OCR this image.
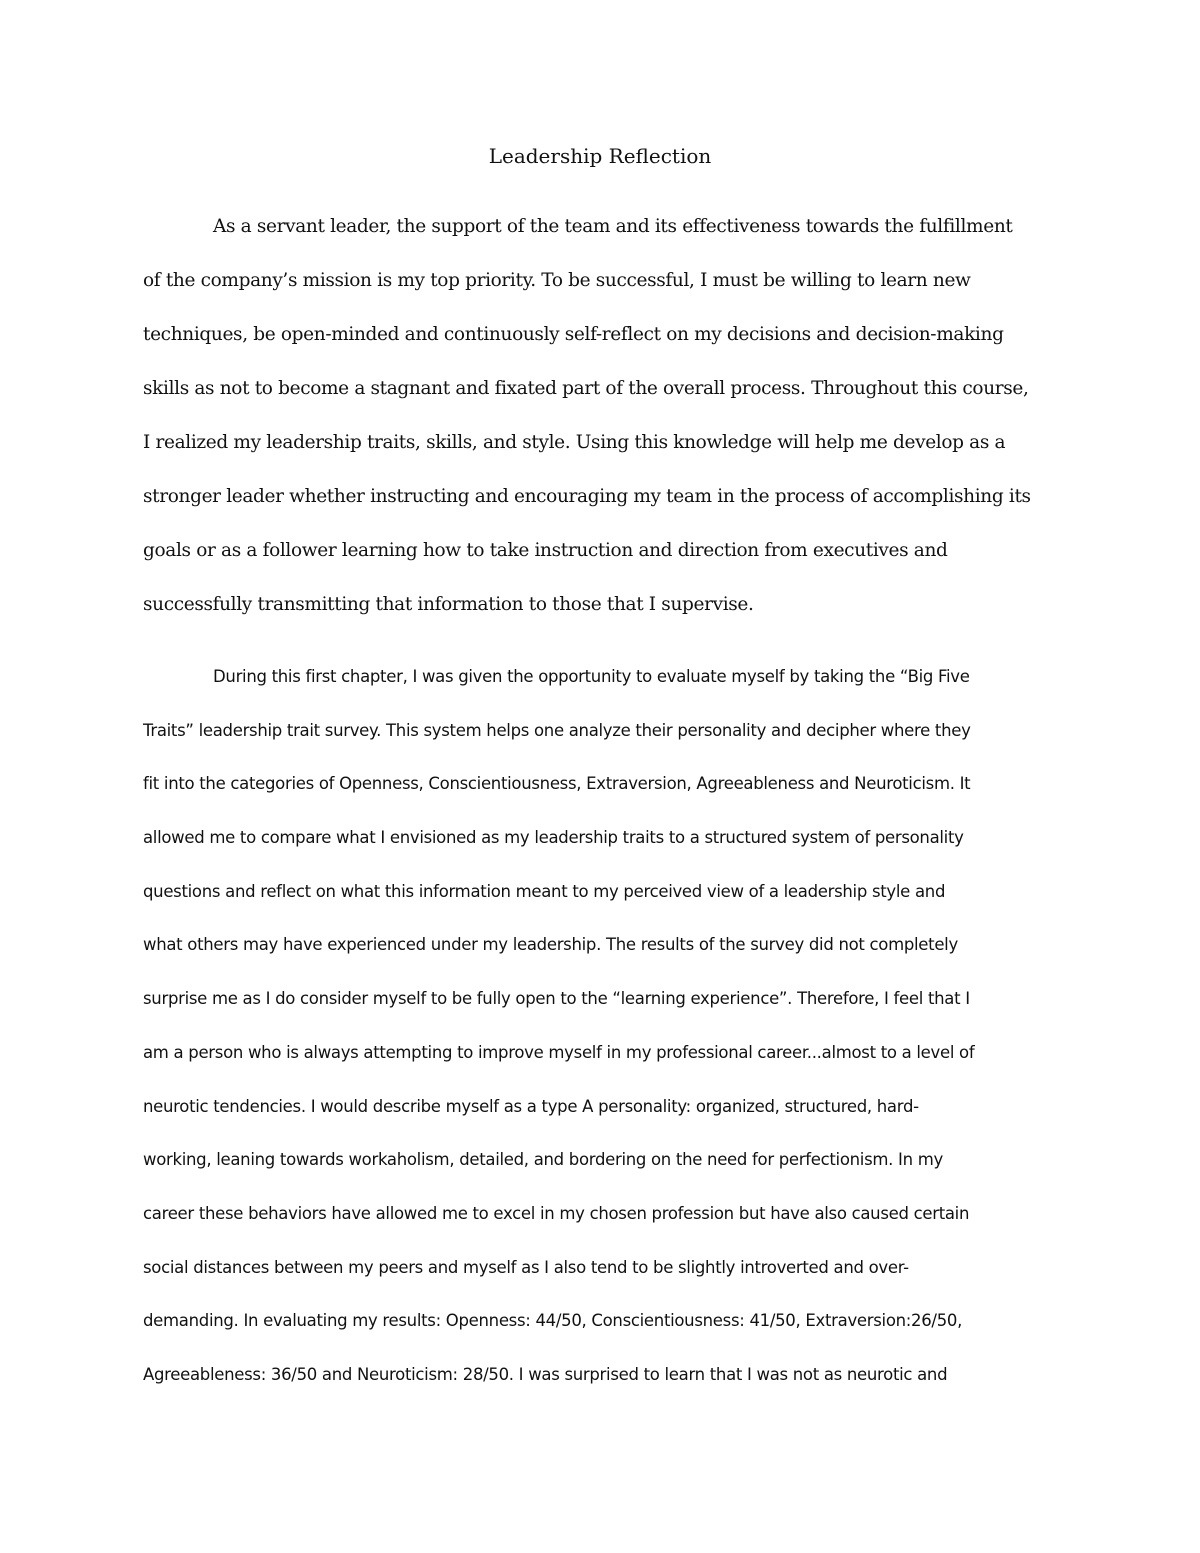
Leadership Reflection
As a servant leader, the support of the team and its effectiveness towards the fulfillment
of the company’s mission is my top priority. To be successful, I must be willing to learn new
techniques, be open-minded and continuously self-reflect on my decisions and decision-making
skills as not to become a stagnant and fixated part of the overall process. Throughout this course,
I realized my leadership traits, skills, and style. Using this knowledge will help me develop as a
stronger leader whether instructing and encouraging my team in the process of accomplishing its
goals or as a follower learning how to take instruction and direction from executives and
successfully transmitting that information to those that I supervise.
During this first chapter, I was given the opportunity to evaluate myself by taking the “Big Five
Traits” leadership trait survey. This system helps one analyze their personality and decipher where they
fit into the categories of Openness, Conscientiousness, Extraversion, Agreeableness and Neuroticism. It
allowed me to compare what I envisioned as my leadership traits to a structured system of personality
questions and reflect on what this information meant to my perceived view of a leadership style and
what others may have experienced under my leadership. The results of the survey did not completely
surprise me as I do consider myself to be fully open to the “learning experience”. Therefore, I feel that I
am a person who is always attempting to improve myself in my professional career...almost to a level of
neurotic tendencies. I would describe myself as a type A personality: organized, structured, hard-
working, leaning towards workaholism, detailed, and bordering on the need for perfectionism. In my
career these behaviors have allowed me to excel in my chosen profession but have also caused certain
social distances between my peers and myself as I also tend to be slightly introverted and over-
demanding. In evaluating my results: Openness: 44/50, Conscientiousness: 41/50, Extraversion:26/50,
Agreeableness: 36/50 and Neuroticism: 28/50. I was surprised to learn that I was not as neurotic and
